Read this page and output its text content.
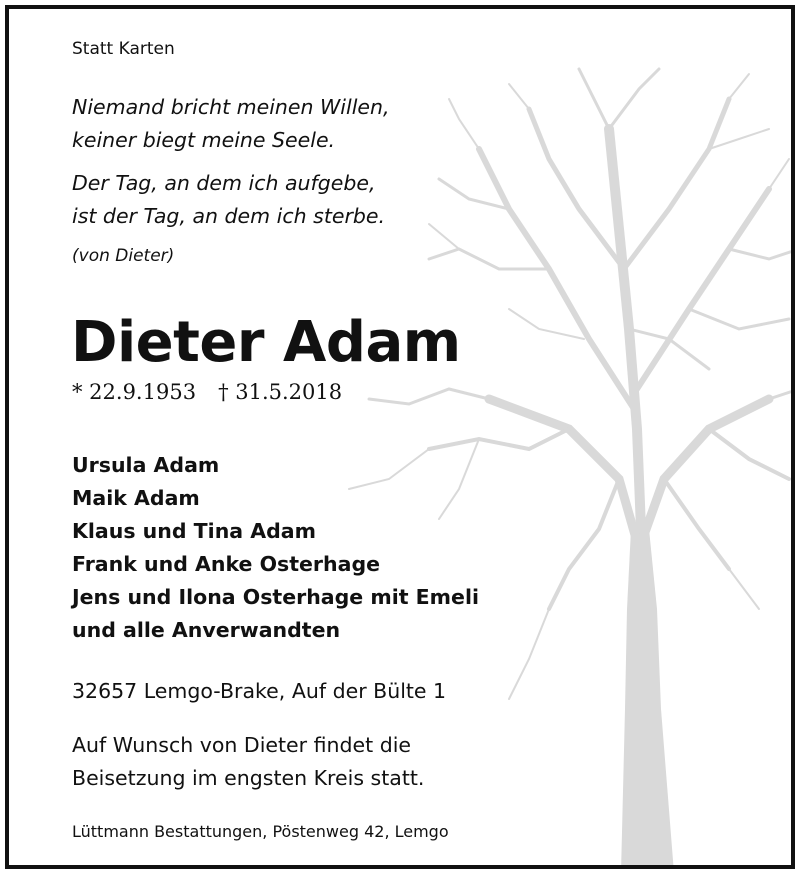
Statt Karten
Niemand bricht meinen Willen,
keiner biegt meine Seele.
Der Tag, an dem ich aufgebe,
ist der Tag, an dem ich sterbe.
(von Dieter)
Dieter Adam
* 22.9.1953 † 31.5.2018
Ursula Adam
Maik Adam
Klaus und Tina Adam
Frank und Anke Osterhage
Jens und Ilona Osterhage mit Emeli
und alle Anverwandten
32657 Lemgo-Brake, Auf der Bülte 1
Auf Wunsch von Dieter findet die
Beisetzung im engsten Kreis statt.
Lüttmann Bestattungen, Pöstenweg 42, Lemgo
